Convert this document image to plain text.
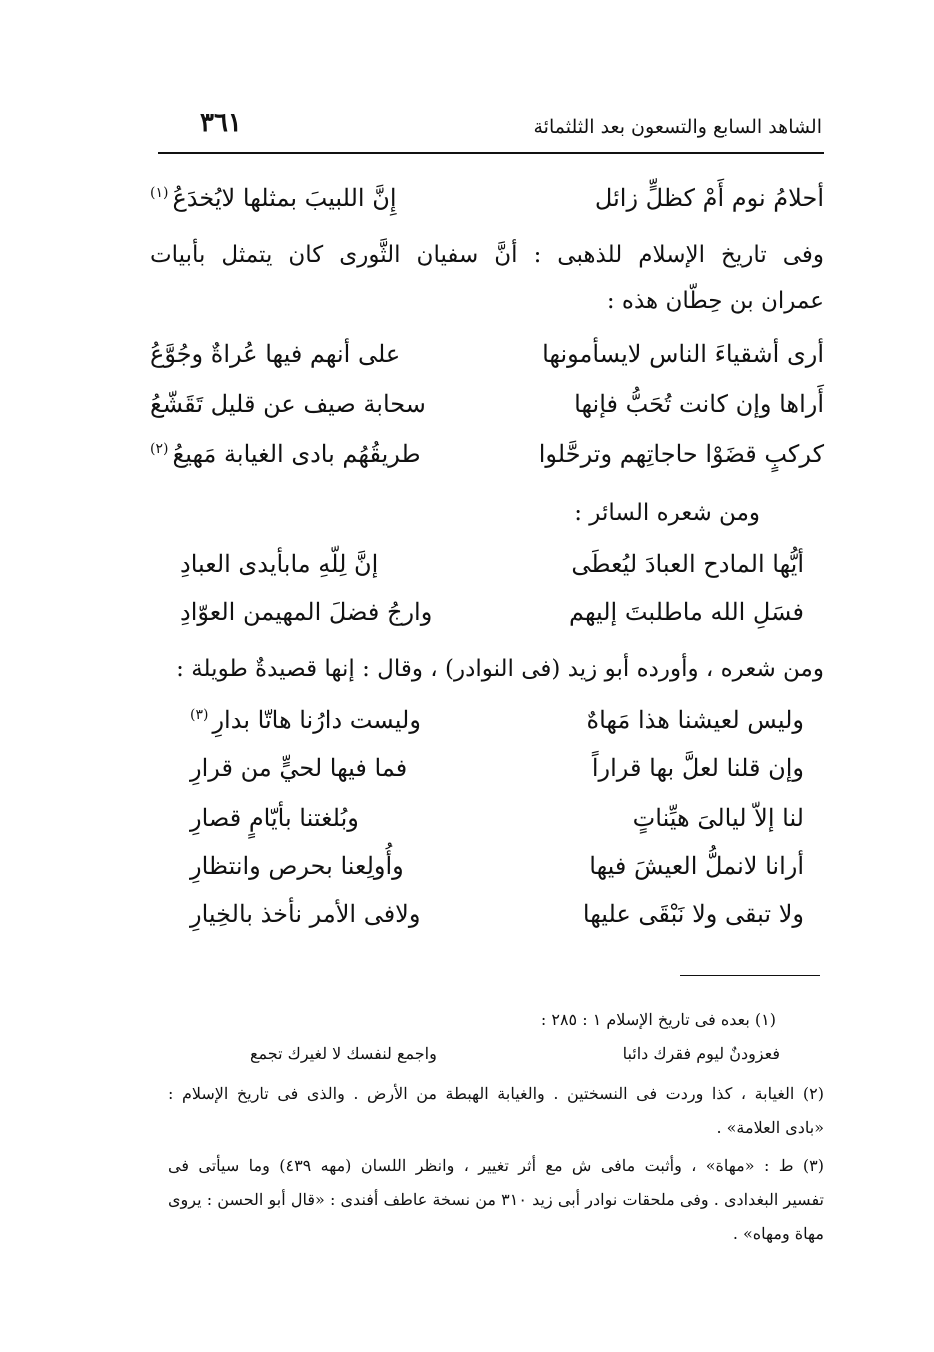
الشاهد السابع والتسعون بعد الثلثمائة
٣٦١
أحلامُ نوم أَمْ كظلٍّ زائل
إِنَّ اللبيبَ بمثلها لايُخدَعُ$^{(١)}$
وفى تاريخ الإسلام للذهبى : أنَّ سفيان الثَّورى كان يتمثل بأبيات
عمران بن حِطّان هذه :
أرى أشقياءَ الناس لايسأمونها
على أنهم فيها عُراةٌ وجُوَّعُ
أَراها وإن كانت تُحَبُّ فإنها
سحابة صيف عن قليل تَقَشّعُ
كركبٍ قضَوْا حاجاتِهم وترحَّلوا
طريقُهُم بادى الغيابة مَهيعُ$^{(٢)}$
ومن شعره السائر :
أيُّها المادح العبادَ ليُعطَى
إنَّ لِلّهِ مابأيدى العبادِ
فسَلِ الله ماطلبتَ إليهم
وارجُ فضلَ المهيمن العوّادِ
ومن شعره ، وأورده أبو زيد (فى النوادر) ، وقال : إنها قصيدةٌ طويلة :
وليس لعيشنا هذا مَهاهٌ
وليست دارُنا هاتّا بدارِ$^{(٣)}$
وإن قلنا لعلَّ بها قراراً
فما فيها لحيٍّ من قرارِ
لنا إلاّ ليالىَ هيِّناتٍ
وبُلغتنا بأيّامٍ قصارِ
أرانا لانملُّ العيشَ فيها
وأُولِعنا بحرص وانتظارِ
ولا تبقى ولا نَبْقَى عليها
ولافى الأمر نأخذ بالخِيارِ
(١) بعده فى تاريخ الإسلام ١ : ٢٨٥ :
فعزودنٌ ليوم فقرك دائبا
واجمع لنفسك لا لغيرك تجمع
(٢) الغيابة ، كذا وردت فى النسختين . والغيابة الهبطة من الأرض . والذى فى تاريخ الإسلام :
«بادى العلامة» .
(٣) ط : «مهاة» ، وأثبت مافى ش مع أثر تغيير ، وانظر اللسان (مهه ٤٣٩) وما سيأتى فى
تفسير البغدادى . وفى ملحقات نوادر أبى زيد ٣١٠ من نسخة عاطف أفندى : «قال أبو الحسن : يروى
مهاة ومهاه» .
